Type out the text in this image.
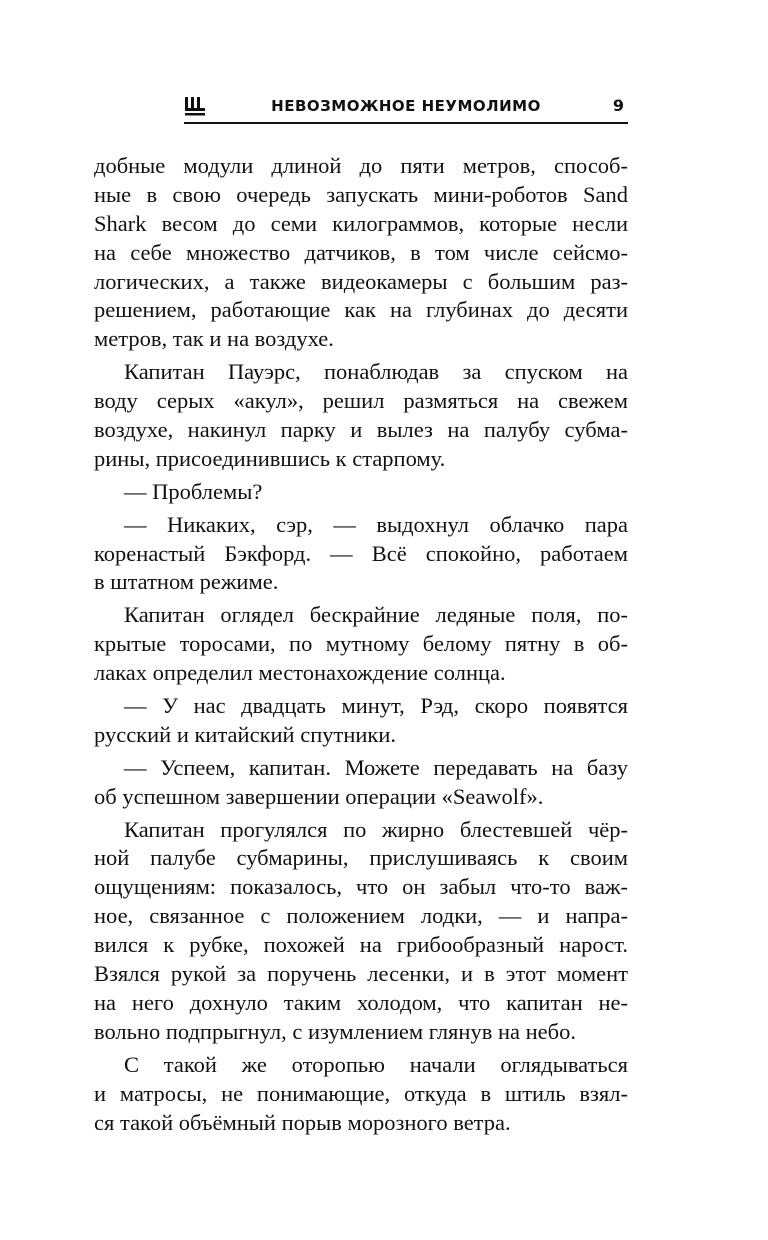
НЕВОЗМОЖНОЕ НЕУМОЛИМО	9
добные модули длиной до пяти метров, способ-
ные в свою очередь запускать мини-роботов Sand
Shark весом до семи килограммов, которые несли
на себе множество датчиков, в том числе сейсмо-
логических, а также видеокамеры с большим раз-
решением, работающие как на глубинах до десяти
метров, так и на воздухе.
Капитан Пауэрс, понаблюдав за спуском на
воду серых «акул», решил размяться на свежем
воздухе, накинул парку и вылез на палубу субма-
рины, присоединившись к старпому.
— Проблемы?
— Никаких, сэр, — выдохнул облачко пара
коренастый Бэкфорд. — Всё спокойно, работаем
в штатном режиме.
Капитан оглядел бескрайние ледяные поля, по-
крытые торосами, по мутному белому пятну в об-
лаках определил местонахождение солнца.
— У нас двадцать минут, Рэд, скоро появятся
русский и китайский спутники.
— Успеем, капитан. Можете передавать на базу
об успешном завершении операции «Seawolf».
Капитан прогулялся по жирно блестевшей чёр-
ной палубе субмарины, прислушиваясь к своим
ощущениям: показалось, что он забыл что-то важ-
ное, связанное с положением лодки, — и напра-
вился к рубке, похожей на грибообразный нарост.
Взялся рукой за поручень лесенки, и в этот момент
на него дохнуло таким холодом, что капитан не-
вольно подпрыгнул, с изумлением глянув на небо.
С такой же оторопью начали оглядываться
и матросы, не понимающие, откуда в штиль взял-
ся такой объёмный порыв морозного ветра.
